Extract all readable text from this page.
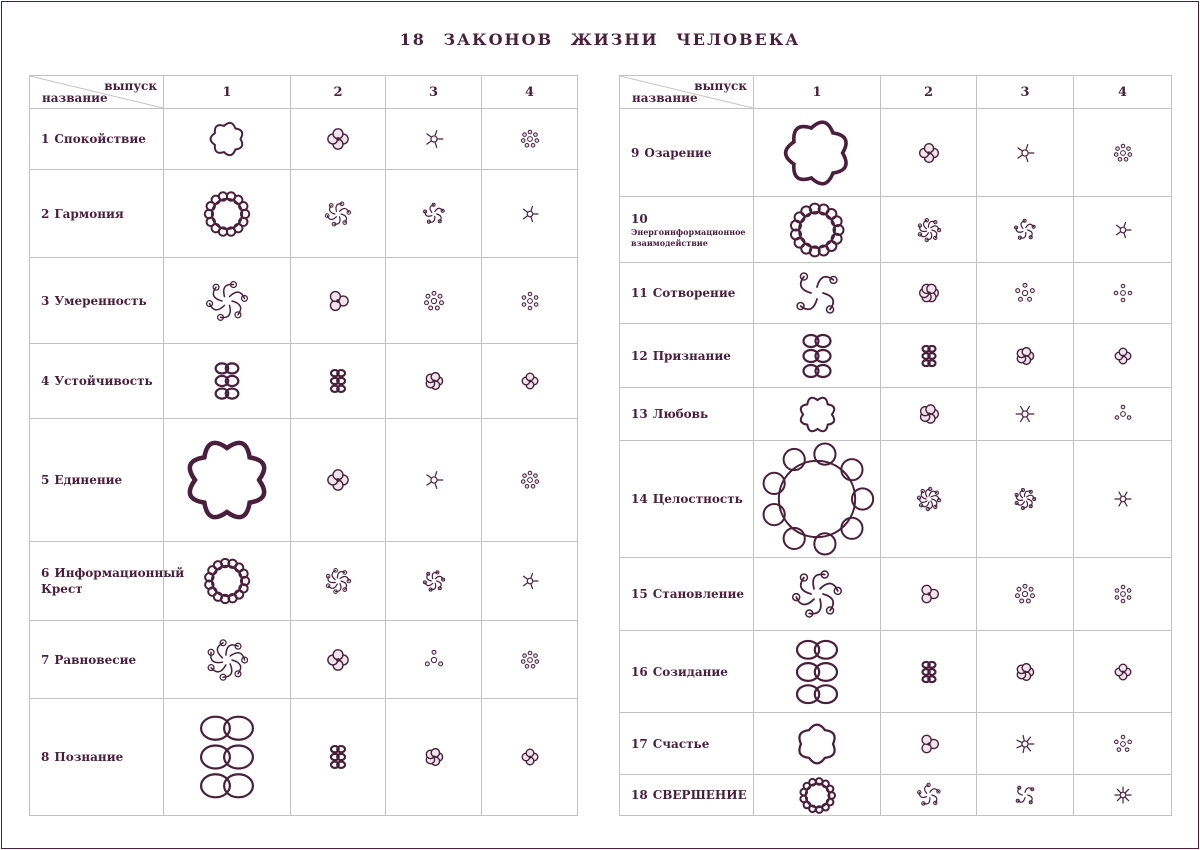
18 ЗАКОНОВ ЖИЗНИ ЧЕЛОВЕКА
выпуск
название	1	2	3	4
1 Спокойствие	

2 Гармония	

3 Умеренность	

4 Устойчивость	

5 Единение	

6 Информационный
Крест	

7 Равновесие	

8 Познание	

выпуск
название	1	2	3	4
9 Озарение	

10Энергоинформационное
взаимодействие	

11 Сотворение	

12 Признание	

13 Любовь	

14 Целостность	

15 Становление	

16 Созидание	

17 Счастье	

18 СВЕРШЕНИЕ	
